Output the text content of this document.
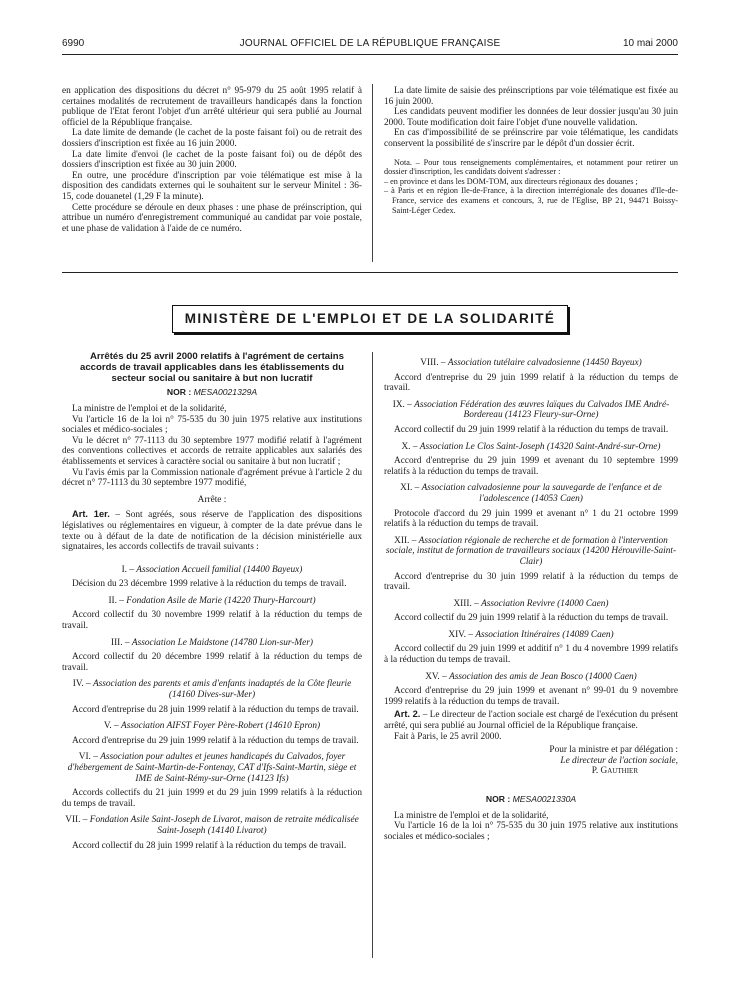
6990	JOURNAL OFFICIEL DE LA RÉPUBLIQUE FRANÇAISE	10 mai 2000

en application des dispositions du décret n° 95-979 du 25 août 1995 relatif à certaines modalités de recrutement de travailleurs handicapés dans la fonction publique de l'Etat feront l'objet d'un arrêté ultérieur qui sera publié au Journal officiel de la République française.

La date limite de demande (le cachet de la poste faisant foi) ou de retrait des dossiers d'inscription est fixée au 16 juin 2000.

La date limite d'envoi (le cachet de la poste faisant foi) ou de dépôt des dossiers d'inscription est fixée au 30 juin 2000.

En outre, une procédure d'inscription par voie télématique est mise à la disposition des candidats externes qui le souhaitent sur le serveur Minitel : 36-15, code douanetel (1,29 F la minute).

Cette procédure se déroule en deux phases : une phase de préinscription, qui attribue un numéro d'enregistrement communiqué au candidat par voie postale, et une phase de validation à l'aide de ce numéro.

La date limite de saisie des préinscriptions par voie télématique est fixée au 16 juin 2000.

Les candidats peuvent modifier les données de leur dossier jusqu'au 30 juin 2000. Toute modification doit faire l'objet d'une nouvelle validation.

En cas d'impossibilité de se préinscrire par voie télématique, les candidats conservent la possibilité de s'inscrire par le dépôt d'un dossier écrit.

Nota. – Pour tous renseignements complémentaires, et notamment pour retirer un dossier d'inscription, les candidats doivent s'adresser :

– en province et dans les DOM-TOM, aux directeurs régionaux des douanes ;
– à Paris et en région Ile-de-France, à la direction interrégionale des douanes d'Ile-de-France, service des examens et concours, 3, rue de l'Eglise, BP 21, 94471 Boissy-Saint-Léger Cedex.
MINISTÈRE DE L'EMPLOI ET DE LA SOLIDARITÉ

Arrêtés du 25 avril 2000 relatifs à l'agrément de certains accords de travail applicables dans les établissements du secteur social ou sanitaire à but non lucratif

NOR : MESA0021329A

La ministre de l'emploi et de la solidarité,

Vu l'article 16 de la loi n° 75-535 du 30 juin 1975 relative aux institutions sociales et médico-sociales ;

Vu le décret n° 77-1113 du 30 septembre 1977 modifié relatif à l'agrément des conventions collectives et accords de retraite applicables aux salariés des établissements et services à caractère social ou sanitaire à but non lucratif ;

Vu l'avis émis par la Commission nationale d'agrément prévue à l'article 2 du décret n° 77-1113 du 30 septembre 1977 modifié,

Arrête :

Art. 1er. – Sont agréés, sous réserve de l'application des dispositions législatives ou réglementaires en vigueur, à compter de la date prévue dans le texte ou à défaut de la date de notification de la décision ministérielle aux signataires, les accords collectifs de travail suivants :

I. – Association Accueil familial (14400 Bayeux)

Décision du 23 décembre 1999 relative à la réduction du temps de travail.

II. – Fondation Asile de Marie (14220 Thury-Harcourt)

Accord collectif du 30 novembre 1999 relatif à la réduction du temps de travail.

III. – Association Le Maidstone (14780 Lion-sur-Mer)

Accord collectif du 20 décembre 1999 relatif à la réduction du temps de travail.

IV. – Association des parents et amis d'enfants inadaptés de la Côte fleurie (14160 Dives-sur-Mer)

Accord d'entreprise du 28 juin 1999 relatif à la réduction du temps de travail.

V. – Association AIFST Foyer Père-Robert (14610 Epron)

Accord d'entreprise du 29 juin 1999 relatif à la réduction du temps de travail.

VI. – Association pour adultes et jeunes handicapés du Calvados, foyer d'hébergement de Saint-Martin-de-Fontenay, CAT d'Ifs-Saint-Martin, siège et IME de Saint-Rémy-sur-Orne (14123 Ifs)

Accords collectifs du 21 juin 1999 et du 29 juin 1999 relatifs à la réduction du temps de travail.

VII. – Fondation Asile Saint-Joseph de Livarot, maison de retraite médicalisée Saint-Joseph (14140 Livarot)

Accord collectif du 28 juin 1999 relatif à la réduction du temps de travail.

VIII. – Association tutélaire calvadosienne (14450 Bayeux)

Accord d'entreprise du 29 juin 1999 relatif à la réduction du temps de travail.

IX. – Association Fédération des œuvres laïques du Calvados IME André-Bordereau (14123 Fleury-sur-Orne)

Accord collectif du 29 juin 1999 relatif à la réduction du temps de travail.

X. – Association Le Clos Saint-Joseph (14320 Saint-André-sur-Orne)

Accord d'entreprise du 29 juin 1999 et avenant du 10 septembre 1999 relatifs à la réduction du temps de travail.

XI. – Association calvadosienne pour la sauvegarde de l'enfance et de l'adolescence (14053 Caen)

Protocole d'accord du 29 juin 1999 et avenant n° 1 du 21 octobre 1999 relatifs à la réduction du temps de travail.

XII. – Association régionale de recherche et de formation à l'intervention sociale, institut de formation de travailleurs sociaux (14200 Hérouville-Saint-Clair)

Accord d'entreprise du 30 juin 1999 relatif à la réduction du temps de travail.

XIII. – Association Revivre (14000 Caen)

Accord collectif du 29 juin 1999 relatif à la réduction du temps de travail.

XIV. – Association Itinéraires (14089 Caen)

Accord collectif du 29 juin 1999 et additif n° 1 du 4 novembre 1999 relatifs à la réduction du temps de travail.

XV. – Association des amis de Jean Bosco (14000 Caen)

Accord d'entreprise du 29 juin 1999 et avenant n° 99-01 du 9 novembre 1999 relatifs à la réduction du temps de travail.

Art. 2. – Le directeur de l'action sociale est chargé de l'exécution du présent arrêté, qui sera publié au Journal officiel de la République française.

Fait à Paris, le 25 avril 2000.

Pour la ministre et par délégation :

Le directeur de l'action sociale,

P. Gauthier

NOR : MESA0021330A

La ministre de l'emploi et de la solidarité,

Vu l'article 16 de la loi n° 75-535 du 30 juin 1975 relative aux institutions sociales et médico-sociales ;
